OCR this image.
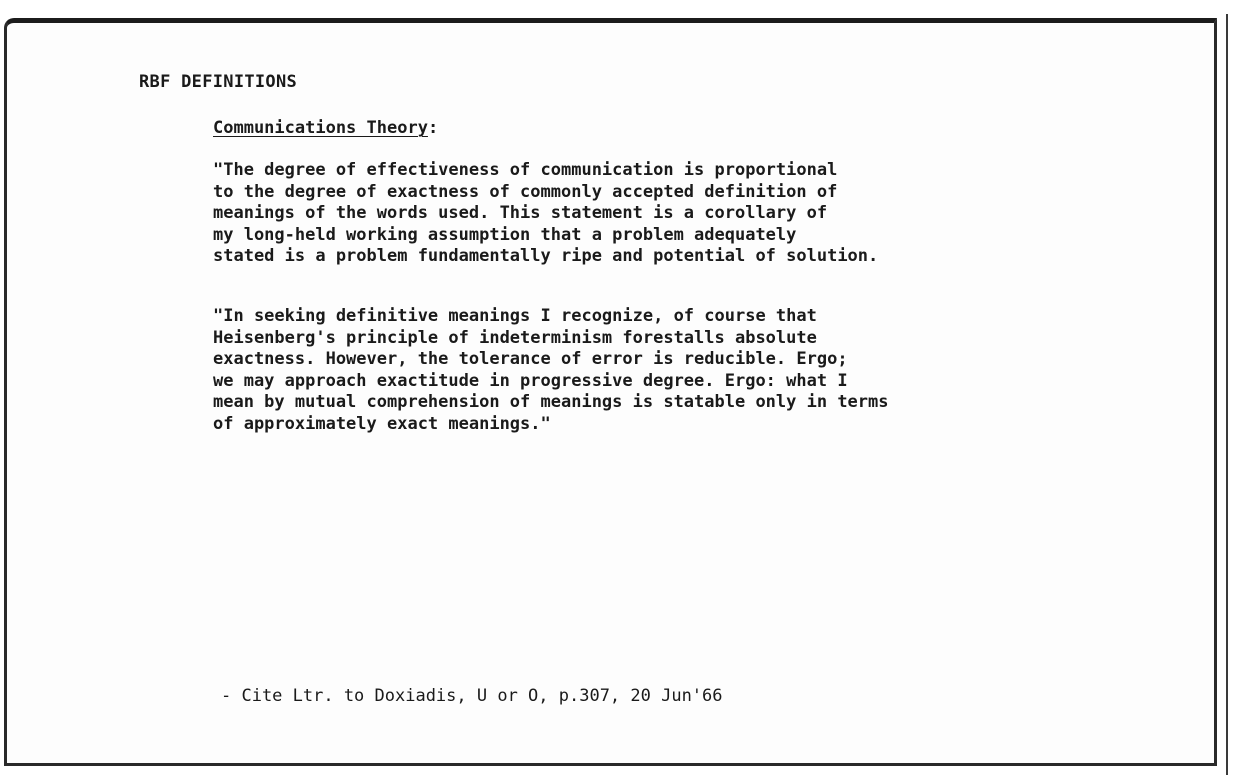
RBF DEFINITIONS
Communications Theory:
"The degree of effectiveness of communication is proportional
to the degree of exactness of commonly accepted definition of
meanings of the words used. This statement is a corollary of
my long-held working assumption that a problem adequately
stated is a problem fundamentally ripe and potential of solution.
"In seeking definitive meanings I recognize, of course that
Heisenberg's principle of indeterminism forestalls absolute
exactness. However, the tolerance of error is reducible. Ergo;
we may approach exactitude in progressive degree. Ergo: what I
mean by mutual comprehension of meanings is statable only in terms
of approximately exact meanings."
- Cite Ltr. to Doxiadis, U or O, p.307, 20 Jun'66
